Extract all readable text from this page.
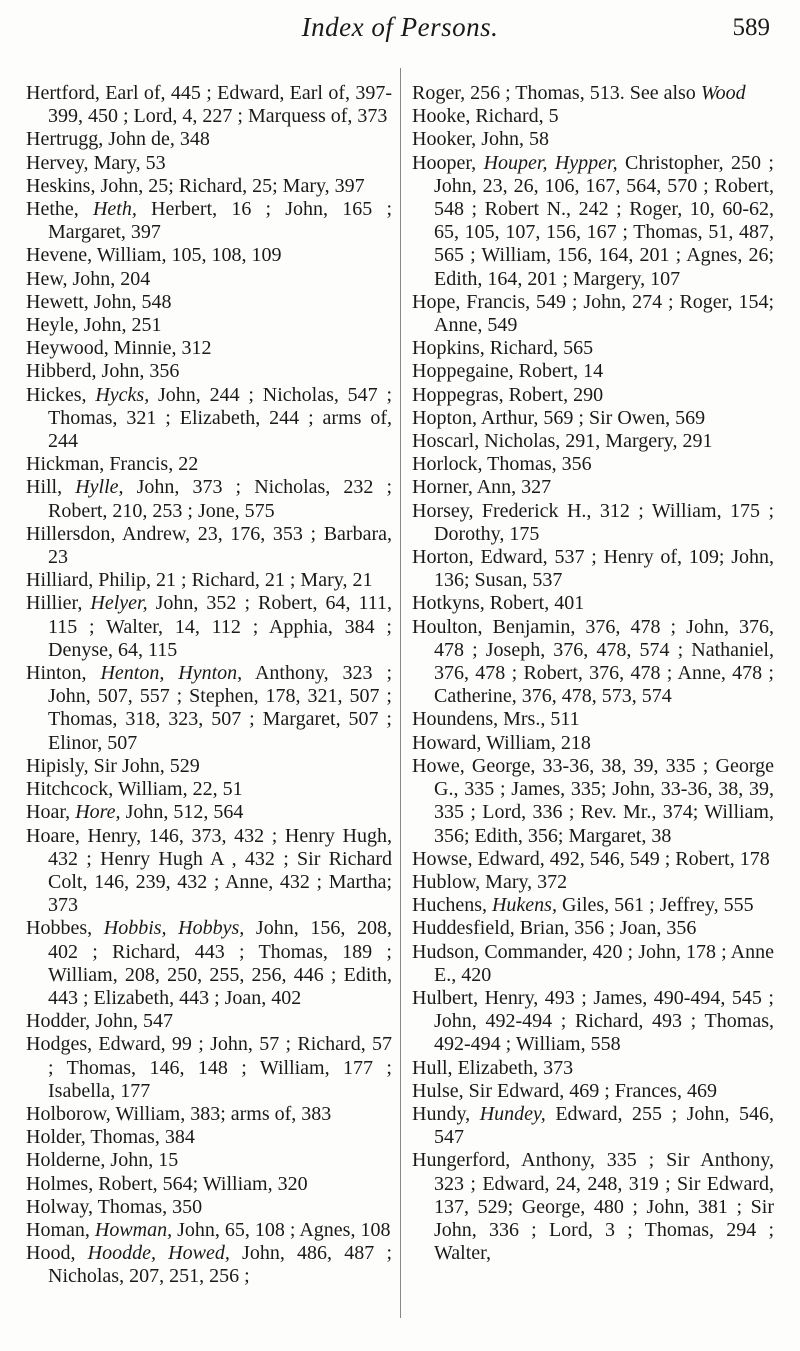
Index of Persons.	589

Hertford, Earl of, 445 ; Edward, Earl of, 397-399, 450 ; Lord, 4, 227 ; Marquess of, 373

Hertrugg, John de, 348

Hervey, Mary, 53

Heskins, John, 25; Richard, 25; Mary, 397

Hethe, Heth, Herbert, 16 ; John, 165 ; Margaret, 397

Hevene, William, 105, 108, 109

Hew, John, 204

Hewett, John, 548

Heyle, John, 251

Heywood, Minnie, 312

Hibberd, John, 356

Hickes, Hycks, John, 244 ; Nicholas, 547 ; Thomas, 321 ; Elizabeth, 244 ; arms of, 244

Hickman, Francis, 22

Hill, Hylle, John, 373 ; Nicholas, 232 ; Robert, 210, 253 ; Jone, 575

Hillersdon, Andrew, 23, 176, 353 ; Barbara, 23

Hilliard, Philip, 21 ; Richard, 21 ; Mary, 21

Hillier, Helyer, John, 352 ; Robert, 64, 111, 115 ; Walter, 14, 112 ; Apphia, 384 ; Denyse, 64, 115

Hinton, Henton, Hynton, Anthony, 323 ; John, 507, 557 ; Stephen, 178, 321, 507 ; Thomas, 318, 323, 507 ; Margaret, 507 ; Elinor, 507

Hipisly, Sir John, 529

Hitchcock, William, 22, 51

Hoar, Hore, John, 512, 564

Hoare, Henry, 146, 373, 432 ; Henry Hugh, 432 ; Henry Hugh A , 432 ; Sir Richard Colt, 146, 239, 432 ; Anne, 432 ; Martha; 373

Hobbes, Hobbis, Hobbys, John, 156, 208, 402 ; Richard, 443 ; Thomas, 189 ; William, 208, 250, 255, 256, 446 ; Edith, 443 ; Elizabeth, 443 ; Joan, 402

Hodder, John, 547

Hodges, Edward, 99 ; John, 57 ; Richard, 57 ; Thomas, 146, 148 ; William, 177 ; Isabella, 177

Holborow, William, 383; arms of, 383

Holder, Thomas, 384

Holderne, John, 15

Holmes, Robert, 564; William, 320

Holway, Thomas, 350

Homan, Howman, John, 65, 108 ; Agnes, 108

Hood, Hoodde, Howed, John, 486, 487 ; Nicholas, 207, 251, 256 ;

Roger, 256 ; Thomas, 513. See also Wood

Hooke, Richard, 5

Hooker, John, 58

Hooper, Houper, Hypper, Christopher, 250 ; John, 23, 26, 106, 167, 564, 570 ; Robert, 548 ; Robert N., 242 ; Roger, 10, 60-62, 65, 105, 107, 156, 167 ; Thomas, 51, 487, 565 ; William, 156, 164, 201 ; Agnes, 26; Edith, 164, 201 ; Margery, 107

Hope, Francis, 549 ; John, 274 ; Roger, 154; Anne, 549

Hopkins, Richard, 565

Hoppegaine, Robert, 14

Hoppegras, Robert, 290

Hopton, Arthur, 569 ; Sir Owen, 569

Hoscarl, Nicholas, 291, Margery, 291

Horlock, Thomas, 356

Horner, Ann, 327

Horsey, Frederick H., 312 ; William, 175 ; Dorothy, 175

Horton, Edward, 537 ; Henry of, 109; John, 136; Susan, 537

Hotkyns, Robert, 401

Houlton, Benjamin, 376, 478 ; John, 376, 478 ; Joseph, 376, 478, 574 ; Nathaniel, 376, 478 ; Robert, 376, 478 ; Anne, 478 ; Catherine, 376, 478, 573, 574

Houndens, Mrs., 511

Howard, William, 218

Howe, George, 33-36, 38, 39, 335 ; George G., 335 ; James, 335; John, 33-36, 38, 39, 335 ; Lord, 336 ; Rev. Mr., 374; William, 356; Edith, 356; Margaret, 38

Howse, Edward, 492, 546, 549 ; Robert, 178

Hublow, Mary, 372

Huchens, Hukens, Giles, 561 ; Jeffrey, 555

Huddesfield, Brian, 356 ; Joan, 356

Hudson, Commander, 420 ; John, 178 ; Anne E., 420

Hulbert, Henry, 493 ; James, 490-494, 545 ; John, 492-494 ; Richard, 493 ; Thomas, 492-494 ; William, 558

Hull, Elizabeth, 373

Hulse, Sir Edward, 469 ; Frances, 469

Hundy, Hundey, Edward, 255 ; John, 546, 547

Hungerford, Anthony, 335 ; Sir Anthony, 323 ; Edward, 24, 248, 319 ; Sir Edward, 137, 529; George, 480 ; John, 381 ; Sir John, 336 ; Lord, 3 ; Thomas, 294 ; Walter,
